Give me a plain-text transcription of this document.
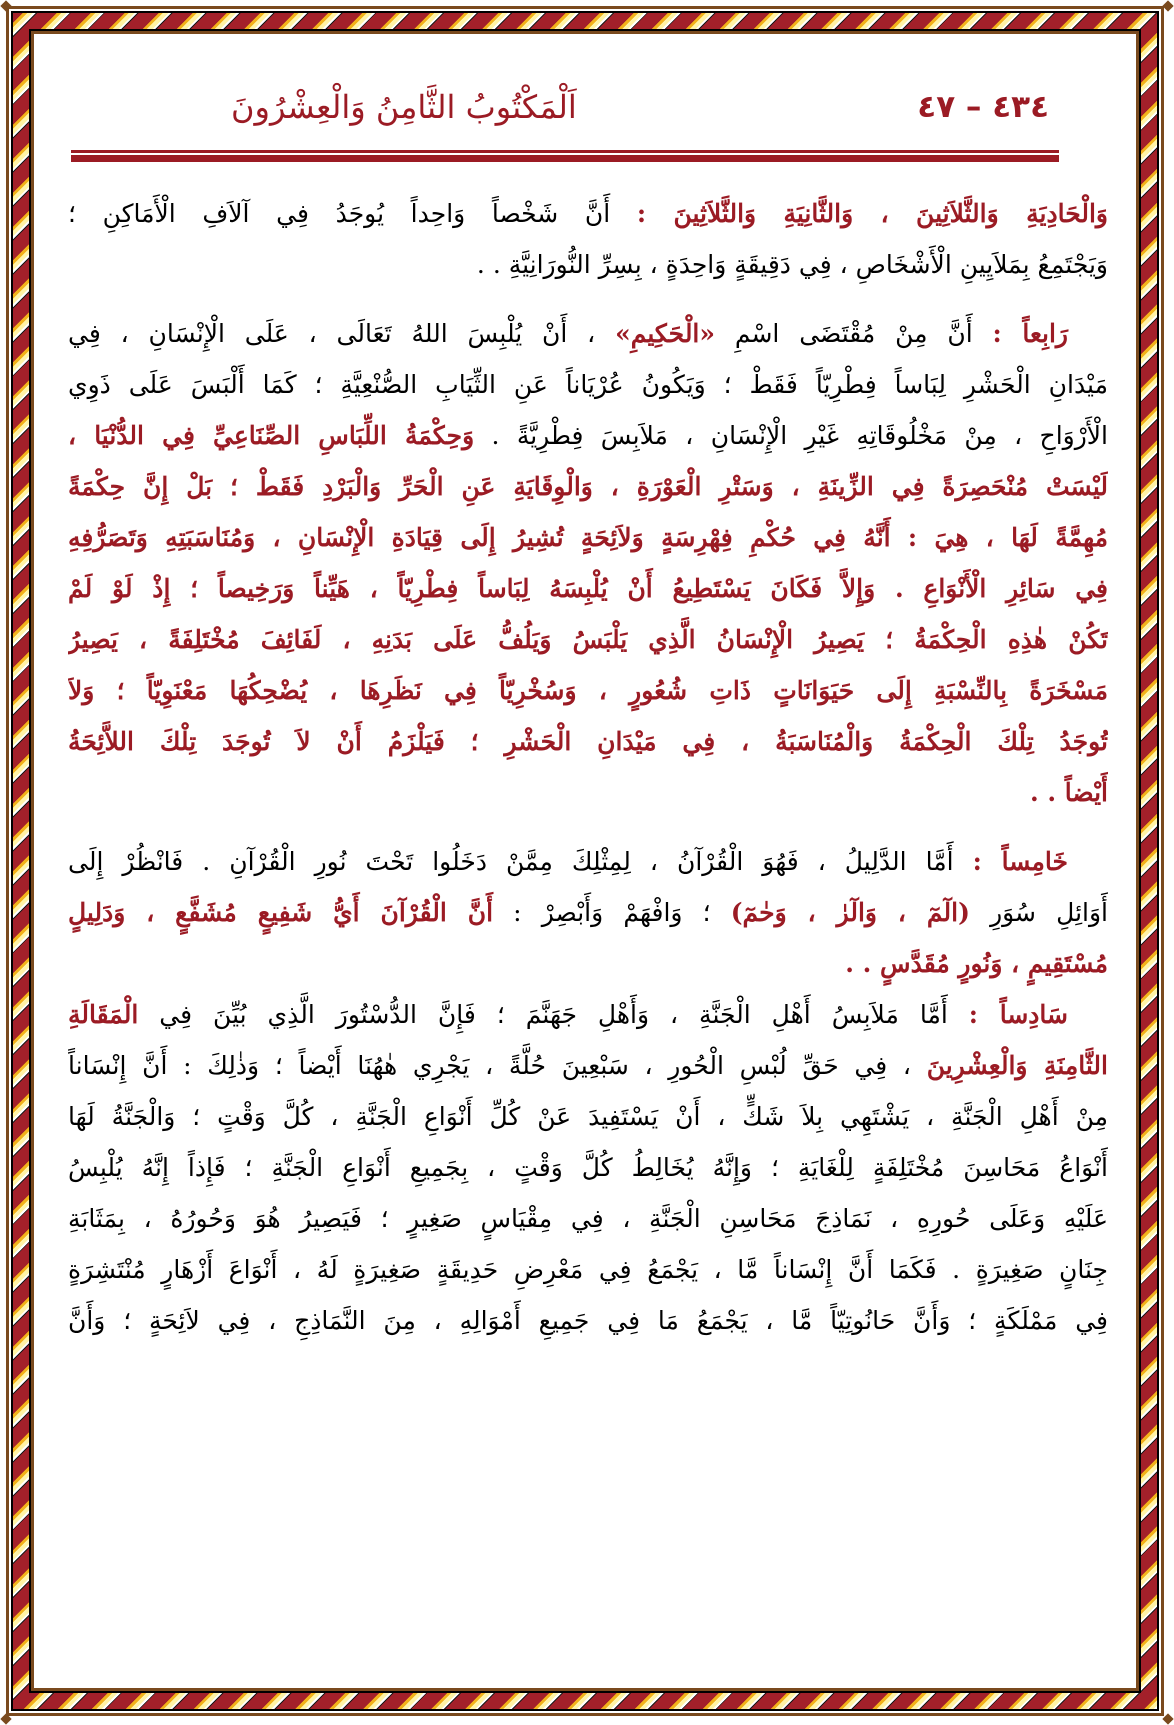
٤٣٤ – ٤٧
اَلْمَكْتُوبُ الثَّامِنُ وَالْعِشْرُونَ
وَالْحَادِيَةِ وَالثَّلاَثِينَ ، وَالثَّانِيَةِ وَالثَّلاَثِينَ : أَنَّ شَخْصاً وَاحِداً يُوجَدُ فِي آلاَفِ الْأَمَاكِنِ ؛
وَيَجْتَمِعُ بِمَلاَيِينِ الْأَشْخَاصِ ، فِي دَقِيقَةٍ وَاحِدَةٍ ، بِسِرِّ النُّورَانِيَّةِ . .
رَابِعاً : أَنَّ مِنْ مُقْتَضَى اسْمِ «الْحَكِيمِ» ، أَنْ يُلْبِسَ اللهُ تَعَالَى ، عَلَى الْإِنْسَانِ ، فِي
مَيْدَانِ الْحَشْرِ لِبَاساً فِطْرِيّاً فَقَطْ ؛ وَيَكُونُ عُرْيَاناً عَنِ الثِّيَابِ الصُّنْعِيَّةِ ؛ كَمَا أَلْبَسَ عَلَى ذَوِي
الْأَرْوَاحِ ، مِنْ مَخْلُوقَاتِهِ غَيْرِ الْإِنْسَانِ ، مَلاَبِسَ فِطْرِيَّةً . وَحِكْمَةُ اللِّبَاسِ الصِّنَاعِيِّ فِي الدُّنْيَا ،
لَيْسَتْ مُنْحَصِرَةً فِي الزِّينَةِ ، وَسَتْرِ الْعَوْرَةِ ، وَالْوِقَايَةِ عَنِ الْحَرِّ وَالْبَرْدِ فَقَطْ ؛ بَلْ إِنَّ حِكْمَةً
مُهِمَّةً لَهَا ، هِيَ : أَنَّهُ فِي حُكْمِ فِهْرِسَةٍ وَلاَئِحَةٍ تُشِيرُ إِلَى قِيَادَةِ الْإِنْسَانِ ، وَمُنَاسَبَتِهِ وَتَصَرُّفِهِ
فِي سَائِرِ الْأَنْوَاعِ . وَإِلاَّ فَكَانَ يَسْتَطِيعُ أَنْ يُلْبِسَهُ لِبَاساً فِطْرِيّاً ، هَيِّناً وَرَخِيصاً ؛ إِذْ لَوْ لَمْ
تَكُنْ هٰذِهِ الْحِكْمَةُ ؛ يَصِيرُ الْإِنْسَانُ الَّذِي يَلْبَسُ وَيَلُفُّ عَلَى بَدَنِهِ ، لَفَائِفَ مُخْتَلِفَةً ، يَصِيرُ
مَسْخَرَةً بِالنِّسْبَةِ إِلَى حَيَوَانَاتٍ ذَاتِ شُعُورٍ ، وَسُخْرِيّاً فِي نَظَرِهَا ، يُضْحِكُهَا مَعْنَوِيّاً ؛ وَلاَ
تُوجَدُ تِلْكَ الْحِكْمَةُ وَالْمُنَاسَبَةُ ، فِي مَيْدَانِ الْحَشْرِ ؛ فَيَلْزَمُ أَنْ لاَ تُوجَدَ تِلْكَ اللاَّئِحَةُ
أَيْضاً . .
خَامِساً : أَمَّا الدَّلِيلُ ، فَهُوَ الْقُرْآنُ ، لِمِثْلِكَ مِمَّنْ دَخَلُوا تَحْتَ نُورِ الْقُرْآنِ . فَانْظُرْ إِلَى
أَوَائِلِ سُوَرِ (الٓمٓ ، وَالٓرٰ ، وَحٰمٓ) ؛ وَافْهَمْ وَأَبْصِرْ : أَنَّ الْقُرْآنَ أَيُّ شَفِيعٍ مُشَفَّعٍ ، وَدَلِيلٍ
مُسْتَقِيمٍ ، وَنُورٍ مُقَدَّسٍ . .
سَادِساً : أَمَّا مَلاَبِسُ أَهْلِ الْجَنَّةِ ، وَأَهْلِ جَهَنَّمَ ؛ فَإِنَّ الدُّسْتُورَ الَّذِي بُيِّنَ فِي الْمَقَالَةِ
الثَّامِنَةِ وَالْعِشْرِينَ ، فِي حَقِّ لُبْسِ الْحُورِ ، سَبْعِينَ حُلَّةً ، يَجْرِي هٰهُنَا أَيْضاً ؛ وَذٰلِكَ : أَنَّ إِنْسَاناً
مِنْ أَهْلِ الْجَنَّةِ ، يَشْتَهِي بِلاَ شَكٍّ ، أَنْ يَسْتَفِيدَ عَنْ كُلِّ أَنْوَاعِ الْجَنَّةِ ، كُلَّ وَقْتٍ ؛ وَالْجَنَّةُ لَهَا
أَنْوَاعُ مَحَاسِنَ مُخْتَلِفَةٍ لِلْغَايَةِ ؛ وَإِنَّهُ يُخَالِطُ كُلَّ وَقْتٍ ، بِجَمِيعِ أَنْوَاعِ الْجَنَّةِ ؛ فَإِذاً إِنَّهُ يُلْبِسُ
عَلَيْهِ وَعَلَى حُورِهِ ، نَمَاذِجَ مَحَاسِنِ الْجَنَّةِ ، فِي مِقْيَاسٍ صَغِيرٍ ؛ فَيَصِيرُ هُوَ وَحُورُهُ ، بِمَثَابَةِ
جِنَانٍ صَغِيرَةٍ . فَكَمَا أَنَّ إِنْسَاناً مَّا ، يَجْمَعُ فِي مَعْرِضِ حَدِيقَةٍ صَغِيرَةٍ لَهُ ، أَنْوَاعَ أَزْهَارٍ مُنْتَشِرَةٍ
فِي مَمْلَكَةٍ ؛ وَأَنَّ حَانُوتِيّاً مَّا ، يَجْمَعُ مَا فِي جَمِيعِ أَمْوَالِهِ ، مِنَ النَّمَاذِجِ ، فِي لاَئِحَةٍ ؛ وَأَنَّ
